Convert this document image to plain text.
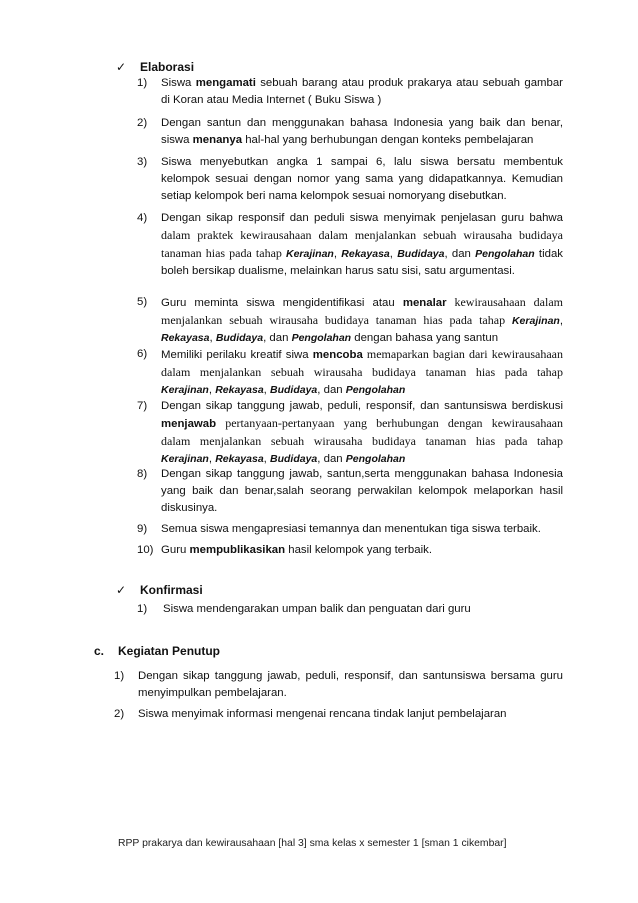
✓	Elaborasi
1)	Siswa mengamati sebuah barang atau produk prakarya atau sebuah gambar di Koran atau Media Internet ( Buku Siswa )
2)	Dengan santun dan menggunakan bahasa Indonesia yang baik dan benar, siswa menanya hal-hal yang berhubungan dengan konteks pembelajaran
3)	Siswa menyebutkan angka 1 sampai 6, lalu siswa bersatu membentuk kelompok sesuai dengan nomor yang sama yang didapatkannya. Kemudian setiap kelompok beri nama kelompok sesuai nomoryang disebutkan.
4)	Dengan sikap responsif dan peduli siswa menyimak penjelasan guru bahwa dalam praktek kewirausahaan dalam menjalankan sebuah wirausaha budidaya tanaman hias pada tahap Kerajinan, Rekayasa, Budidaya, dan Pengolahan tidak boleh bersikap dualisme, melainkan harus satu sisi, satu argumentasi.
5)	Guru meminta siswa mengidentifikasi atau menalar kewirausahaan dalam menjalankan sebuah wirausaha budidaya tanaman hias pada tahap Kerajinan, Rekayasa, Budidaya, dan Pengolahan dengan bahasa yang santun
6)	Memiliki perilaku kreatif siwa mencoba memaparkan bagian dari kewirausahaan dalam menjalankan sebuah wirausaha budidaya tanaman hias pada tahap Kerajinan, Rekayasa, Budidaya, dan Pengolahan
7)	Dengan sikap tanggung jawab, peduli, responsif, dan santunsiswa berdiskusi menjawab pertanyaan-pertanyaan yang berhubungan dengan kewirausahaan dalam menjalankan sebuah wirausaha budidaya tanaman hias pada tahap Kerajinan, Rekayasa, Budidaya, dan Pengolahan
8)	Dengan sikap tanggung jawab, santun,serta menggunakan bahasa Indonesia yang baik dan benar,salah seorang perwakilan kelompok melaporkan hasil diskusinya.
9)	Semua siswa mengapresiasi temannya dan menentukan tiga siswa terbaik.
10) Guru mempublikasikan hasil kelompok yang terbaik.
✓	Konfirmasi
1)	Siswa mendengarakan umpan balik dan penguatan dari guru
c.	Kegiatan Penutup
1)	Dengan sikap tanggung jawab, peduli, responsif, dan santunsiswa bersama guru menyimpulkan pembelajaran.
2)	Siswa menyimak informasi mengenai rencana tindak lanjut pembelajaran
RPP prakarya dan kewirausahaan [hal 3] sma kelas x semester 1 [sman 1 cikembar]
